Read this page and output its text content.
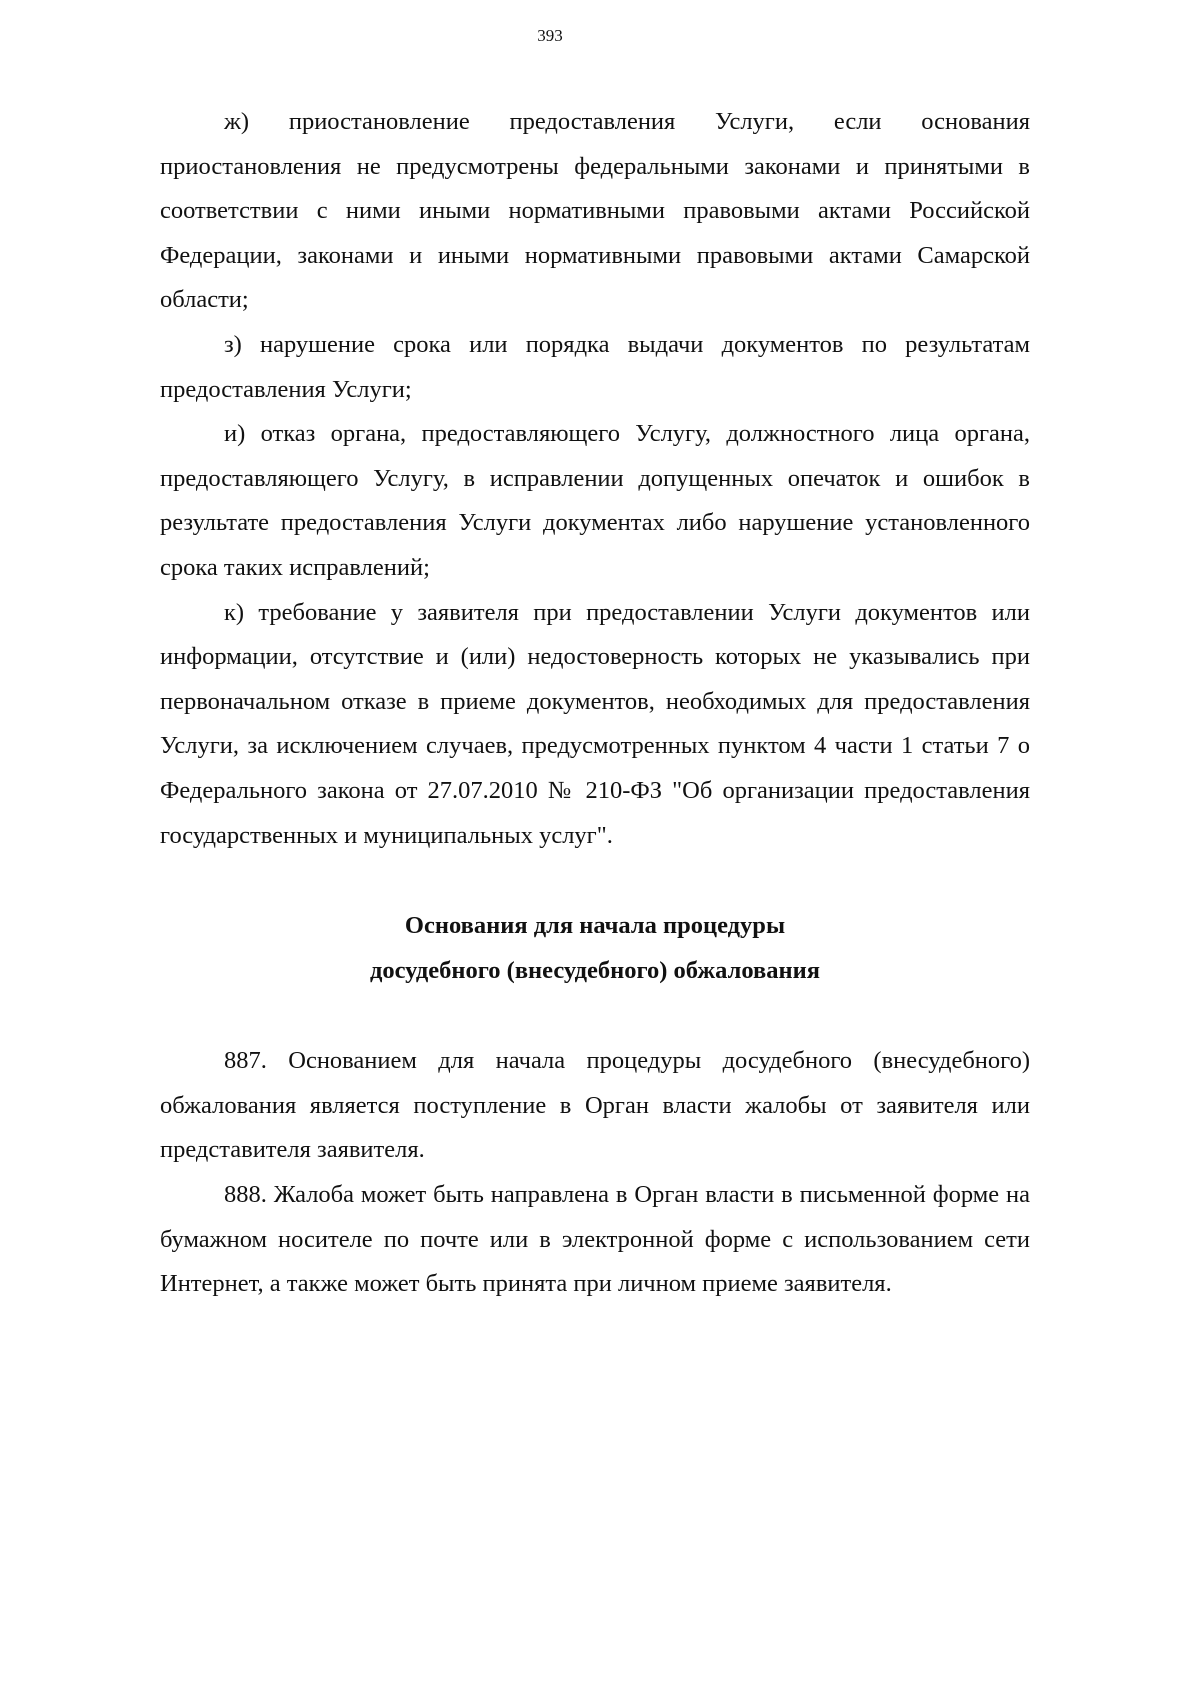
393

ж) приостановление предоставления Услуги, если основания приостановления не предусмотрены федеральными законами и принятыми в соответствии с ними иными нормативными правовыми актами Российской Федерации, законами и иными нормативными правовыми актами Самарской области;

з) нарушение срока или порядка выдачи документов по результатам предоставления Услуги;

и) отказ органа, предоставляющего Услугу, должностного лица органа, предоставляющего Услугу, в исправлении допущенных опечаток и ошибок в результате предоставления Услуги документах либо нарушение установленного срока таких исправлений;

к) требование у заявителя при предоставлении Услуги документов или информации, отсутствие и (или) недостоверность которых не указывались при первоначальном отказе в приеме документов, необходимых для предоставления Услуги, за исключением случаев, предусмотренных пунктом 4 части 1 статьи 7 о Федерального закона от 27.07.2010 № 210-ФЗ "Об организации предоставления государственных и муниципальных услуг".

Основания для начала процедуры
досудебного (внесудебного) обжалования

887. Основанием для начала процедуры досудебного (внесудебного) обжалования является поступление в Орган власти жалобы от заявителя или представителя заявителя.

888. Жалоба может быть направлена в Орган власти в письменной форме на бумажном носителе по почте или в электронной форме с использованием сети Интернет, а также может быть принята при личном приеме заявителя.
